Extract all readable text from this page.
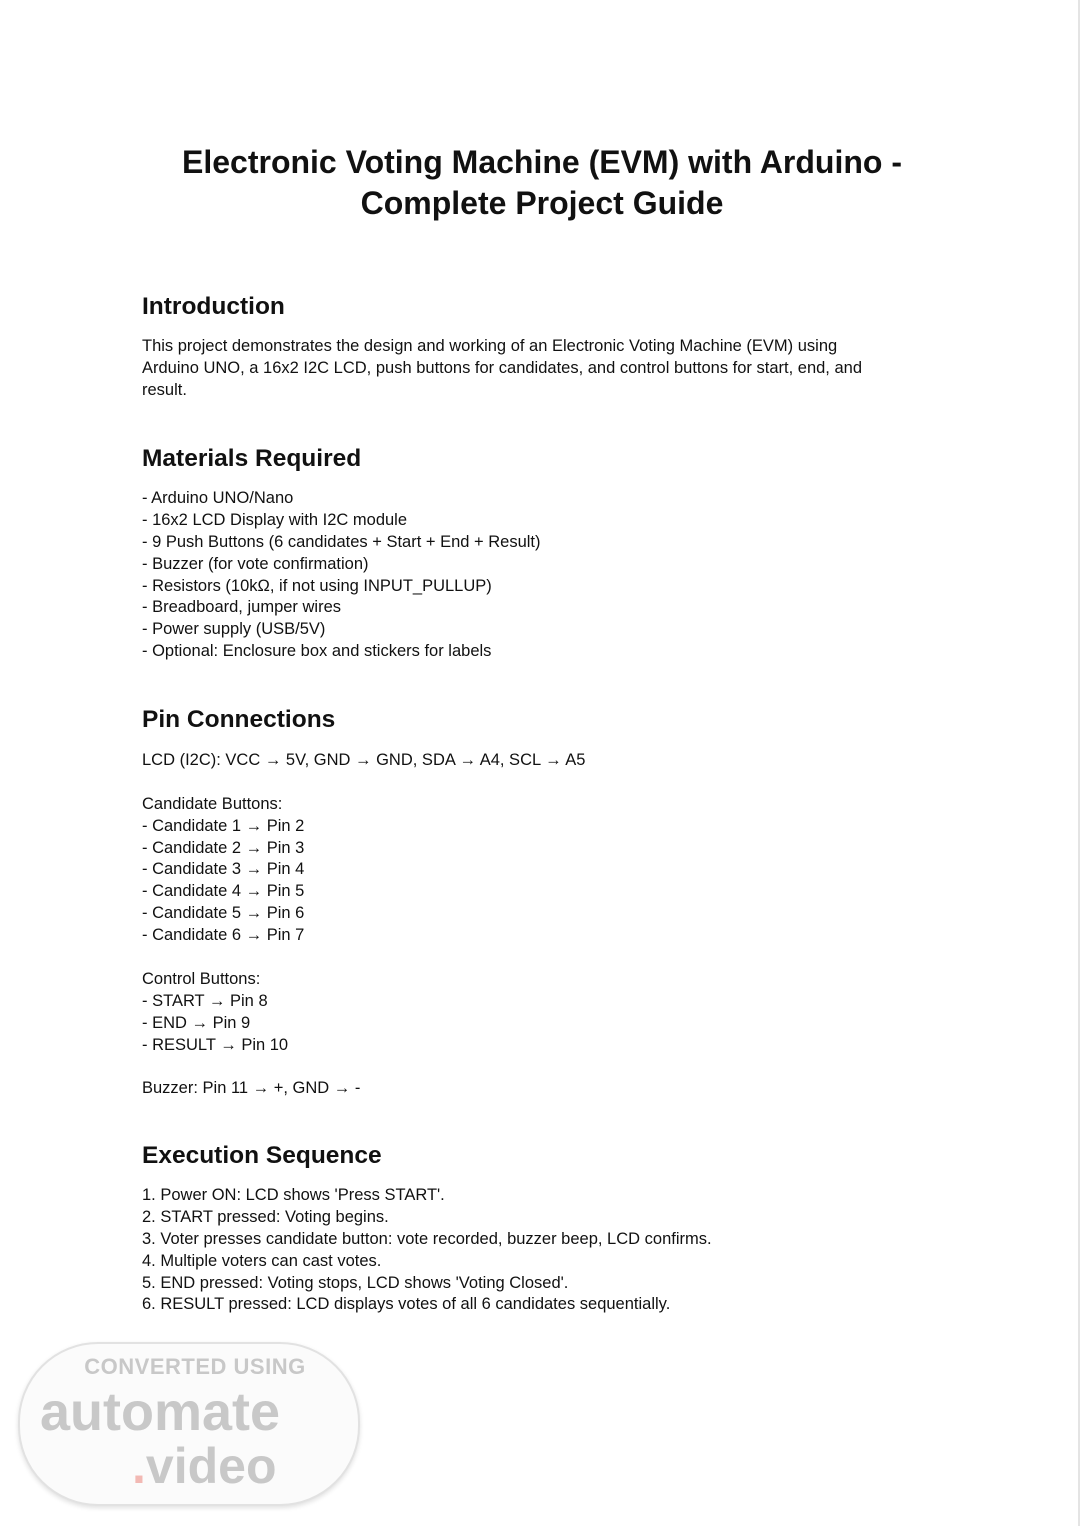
Electronic Voting Machine (EVM) with Arduino -
Complete Project Guide
Introduction
This project demonstrates the design and working of an Electronic Voting Machine (EVM) using
Arduino UNO, a 16x2 I2C LCD, push buttons for candidates, and control buttons for start, end, and
result.
Materials Required
- Arduino UNO/Nano
- 16x2 LCD Display with I2C module
- 9 Push Buttons (6 candidates + Start + End + Result)
- Buzzer (for vote confirmation)
- Resistors (10kΩ, if not using INPUT_PULLUP)
- Breadboard, jumper wires
- Power supply (USB/5V)
- Optional: Enclosure box and stickers for labels
Pin Connections
LCD (I2C): VCC → 5V, GND → GND, SDA → A4, SCL → A5
Candidate Buttons:
- Candidate 1 → Pin 2
- Candidate 2 → Pin 3
- Candidate 3 → Pin 4
- Candidate 4 → Pin 5
- Candidate 5 → Pin 6
- Candidate 6 → Pin 7
Control Buttons:
- START → Pin 8
- END → Pin 9
- RESULT → Pin 10
Buzzer: Pin 11 → +, GND → -
Execution Sequence
1. Power ON: LCD shows 'Press START'.
2. START pressed: Voting begins.
3. Voter presses candidate button: vote recorded, buzzer beep, LCD confirms.
4. Multiple voters can cast votes.
5. END pressed: Voting stops, LCD shows 'Voting Closed'.
6. RESULT pressed: LCD displays votes of all 6 candidates sequentially.
CONVERTED USING
automate
.video
